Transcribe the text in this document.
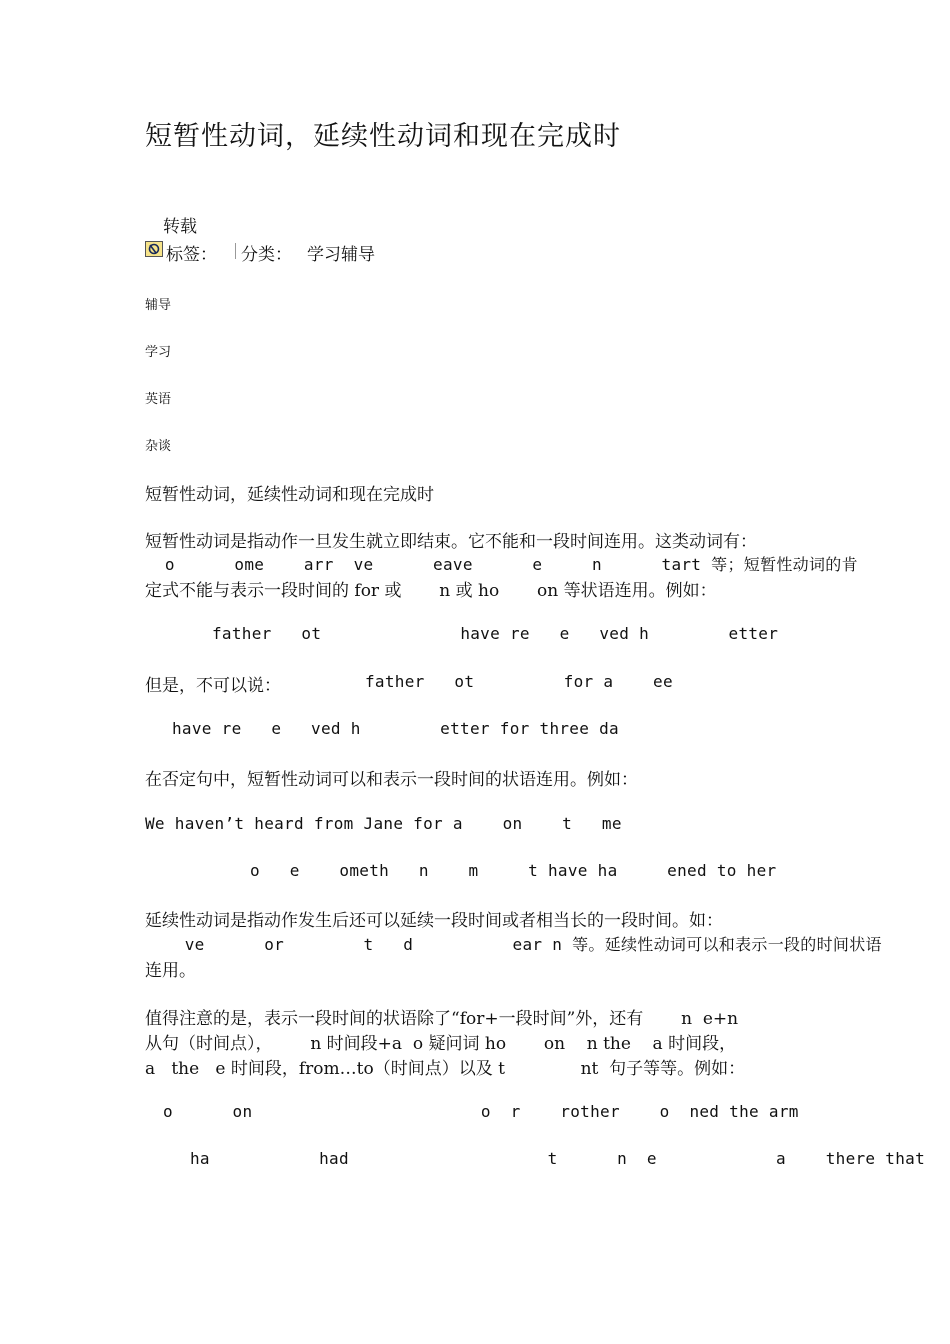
短暂性动词，延续性动词和现在完成时
转载
标签： 分类： 学习辅导
辅导
学习
英语
杂谈
短暂性动词，延续性动词和现在完成时
短暂性动词是指动作一旦发生就立即结束。它不能和一段时间连用。这类动词有：
o      ome    arr  ve      eave      e     n      tart 等；短暂性动词的肯
定式不能与表示一段时间的 for 或       n 或 ho       on 等状语连用。例如：
father   ot              have re   e   ved h        etter
但是，不可以说：	father   ot         for a    ee
have re   e   ved h        etter for three da
在否定句中，短暂性动词可以和表示一段时间的状语连用。例如：
We haven’t heard from Jane for a    on    t   me
o   e    ometh   n    m     t have ha     ened to her
延续性动词是指动作发生后还可以延续一段时间或者相当长的一段时间。如：
ve      or        t   d          ear n 等。延续性动词可以和表示一段的时间状语
连用。
值得注意的是，表示一段时间的状语除了“for+一段时间”外，还有       n  e+n
从句（时间点），       n 时间段+a  o 疑问词 ho       on    n the    a 时间段，
a   the   e 时间段，from…to（时间点）以及 t              nt  句子等等。例如：
o      on                       o  r    rother    o  ned the arm
ha           had                    t      n  e            a    there that
